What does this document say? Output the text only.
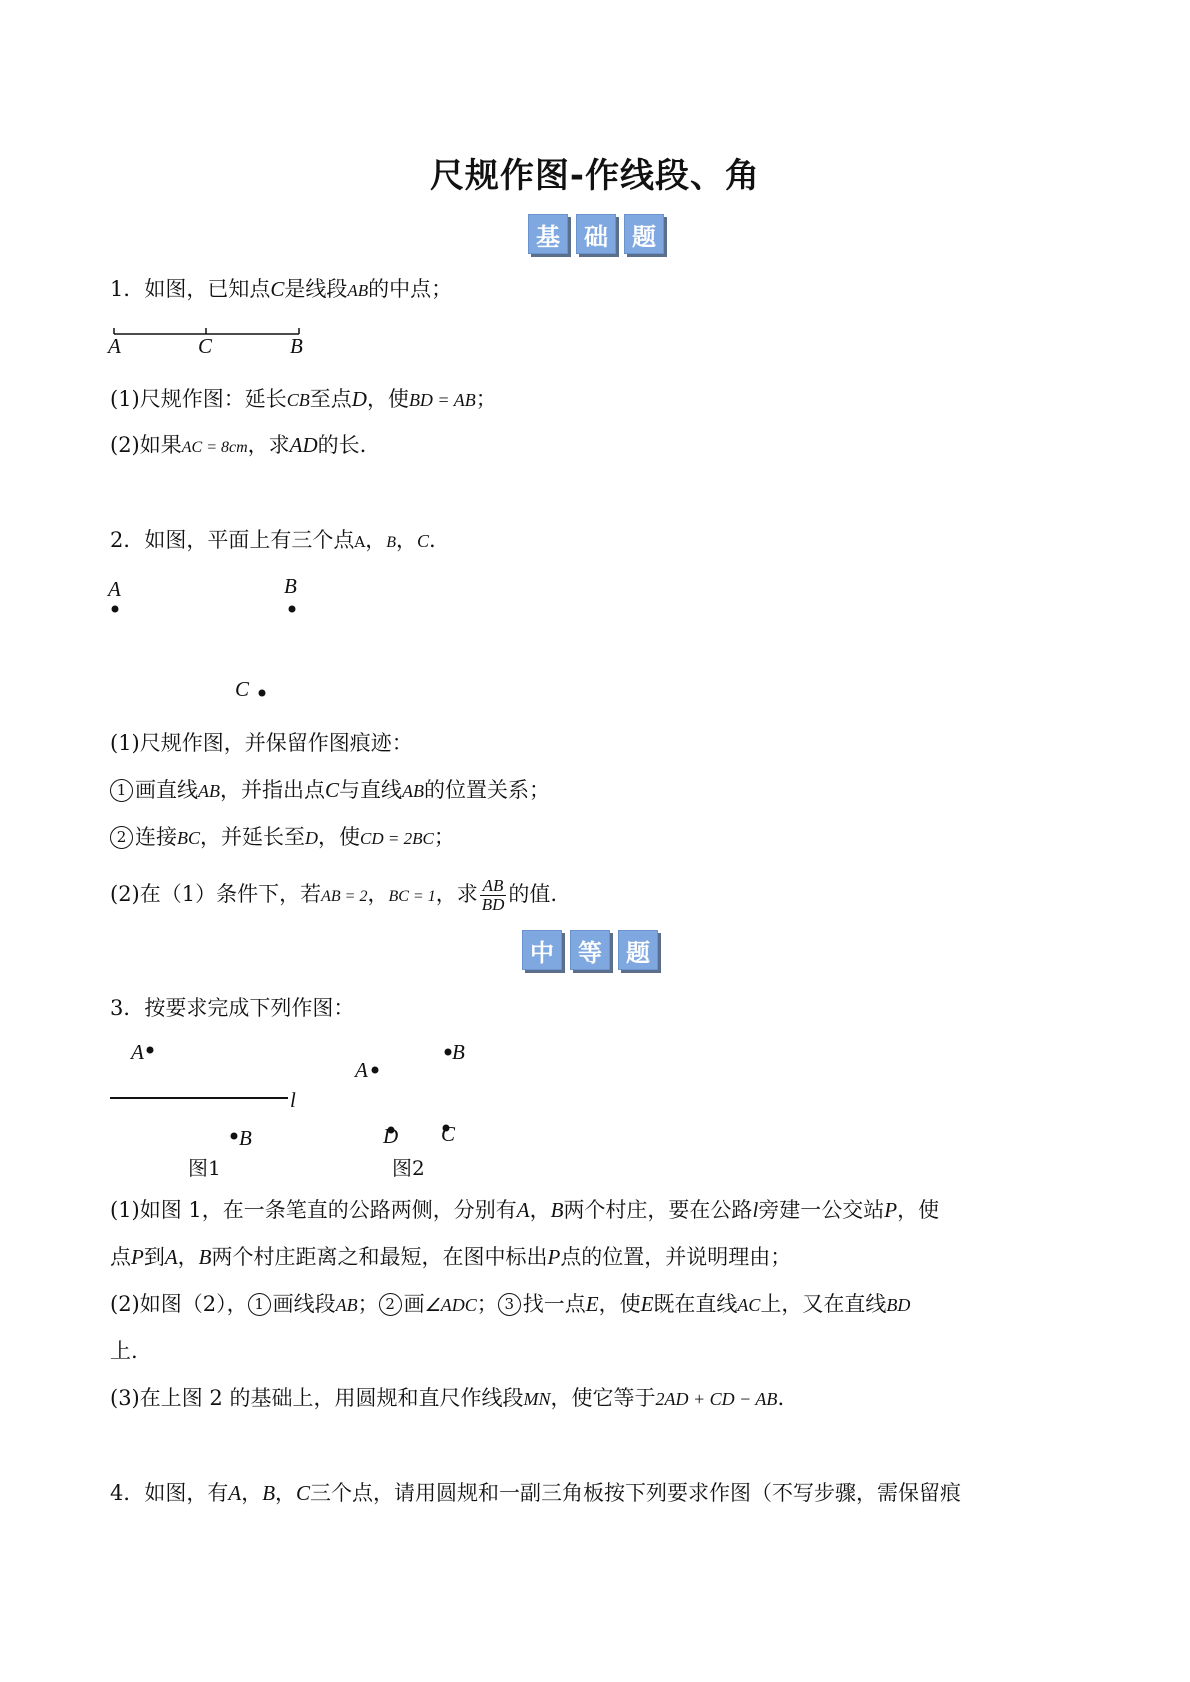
尺规作图-作线段、角
基	础	题
1．如图，已知点C是线段AB的中点；
A	C	B
(1)尺规作图：延长CB至点D，使BD = AB；
(2)如果AC = 8cm，求AD的长.
2．如图，平面上有三个点A，B，C.
A	B
C
(1)尺规作图，并保留作图痕迹：
1 画直线AB，并指出点C与直线AB的位置关系；
2 连接BC，并延长至D，使CD = 2BC；
(2)在（1）条件下，若AB = 2，BC = 1，求 $\frac{AB}{BD}$ 的值.
中	等	题
3．按要求完成下列作图：
A
l
B
图1
A
B
D C
图2
(1)如图 1，在一条笔直的公路两侧，分别有A，B两个村庄，要在公路l旁建一公交站P，使
点P到A，B两个村庄距离之和最短，在图中标出P点的位置，并说明理由；
(2)如图（2）， 1 画线段AB； 2 画∠ADC； 3 找一点E，使E既在直线AC上，又在直线BD
上.
(3)在上图 2 的基础上，用圆规和直尺作线段MN，使它等于2AD + CD − AB.
4．如图，有A，B，C三个点，请用圆规和一副三角板按下列要求作图（不写步骤，需保留痕
